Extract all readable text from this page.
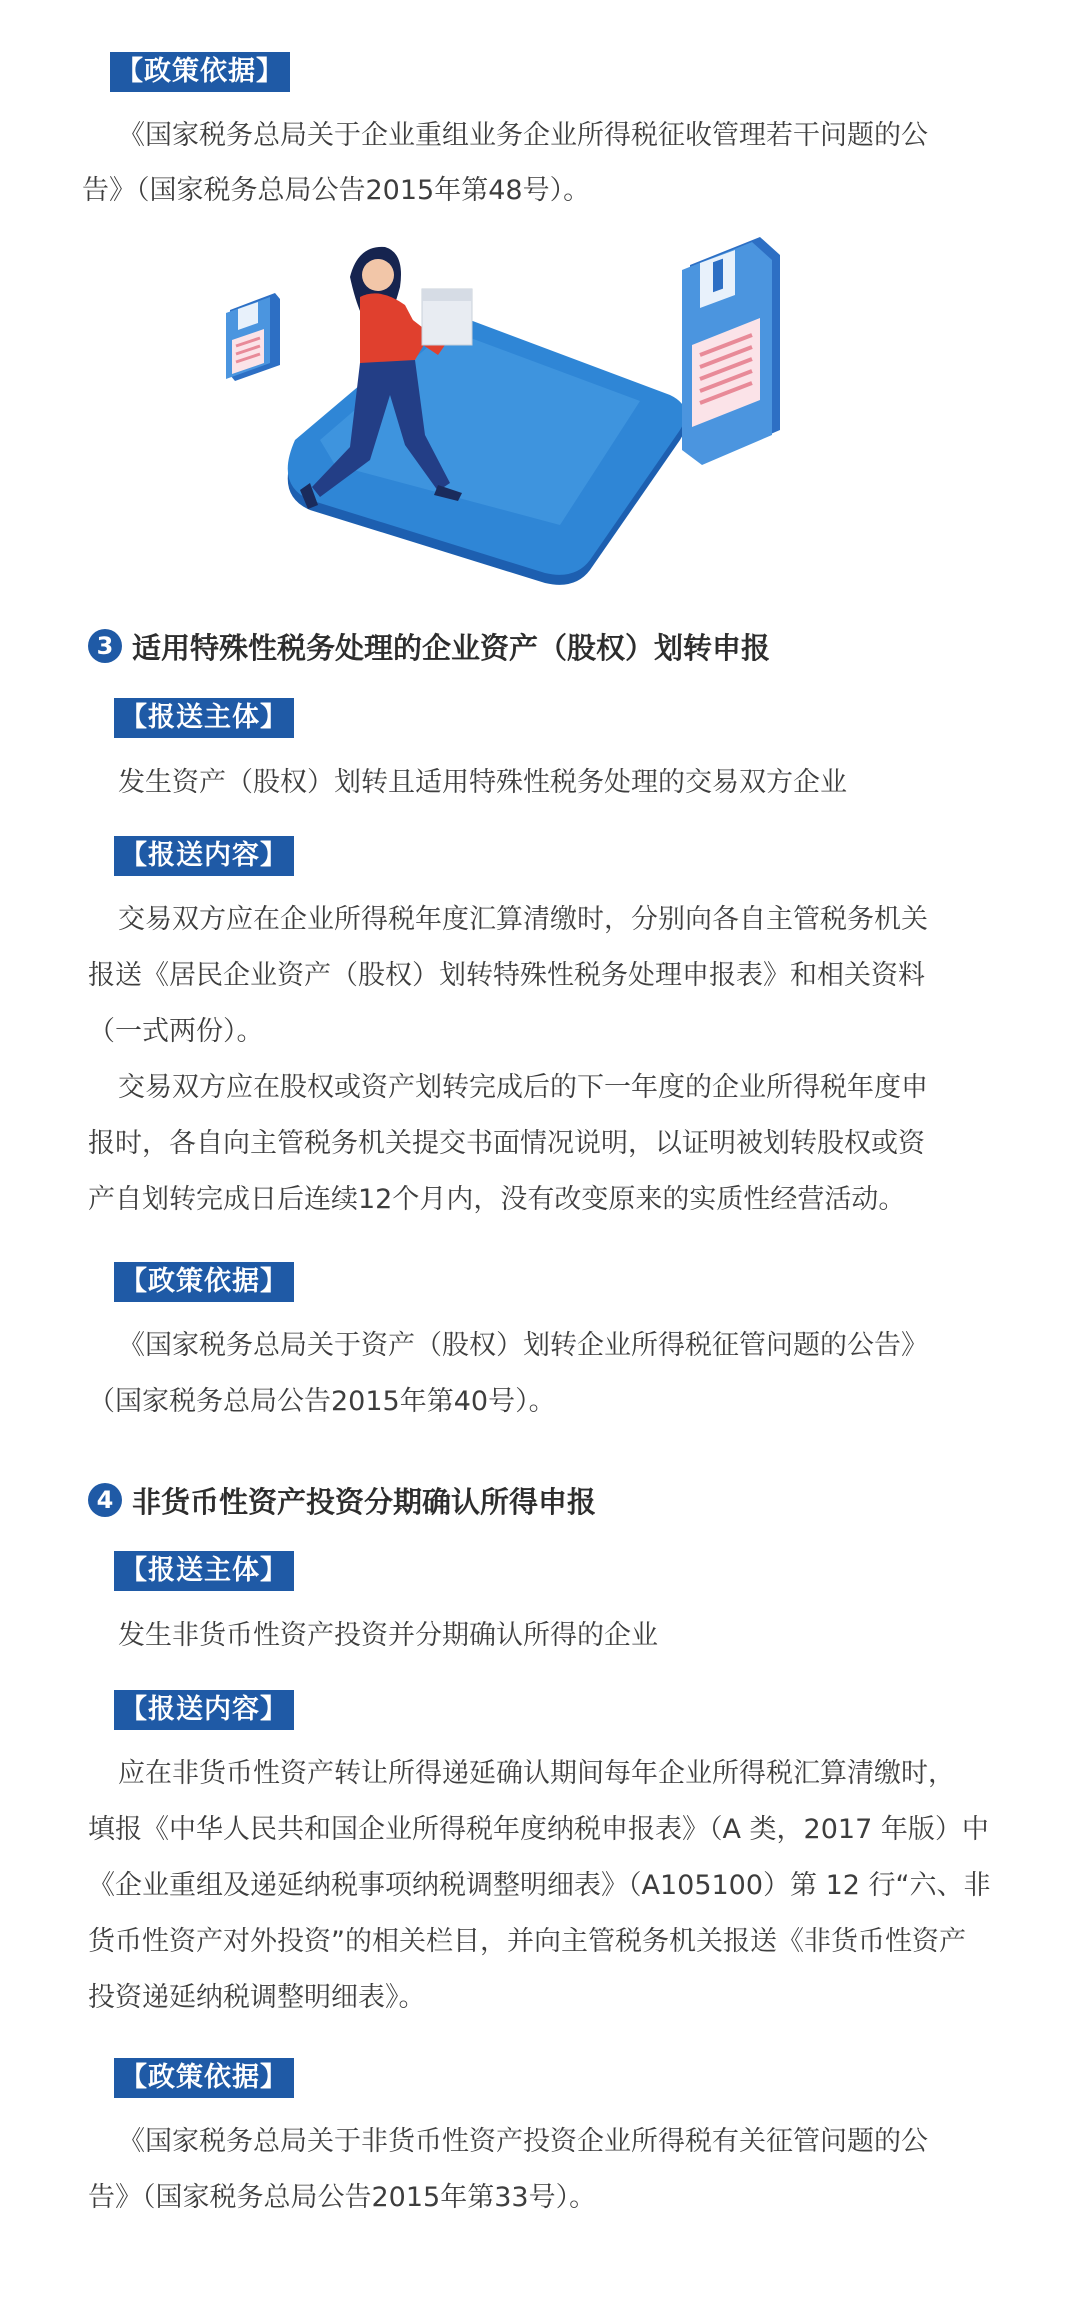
【政策依据】
《国家税务总局关于企业重组业务企业所得税征收管理若干问题的公
告》（国家税务总局公告2015年第48号）。
3 适用特殊性税务处理的企业资产（股权）划转申报
【报送主体】
发生资产（股权）划转且适用特殊性税务处理的交易双方企业
【报送内容】
交易双方应在企业所得税年度汇算清缴时，分别向各自主管税务机关
报送《居民企业资产（股权）划转特殊性税务处理申报表》和相关资料
（一式两份）。
交易双方应在股权或资产划转完成后的下一年度的企业所得税年度申
报时，各自向主管税务机关提交书面情况说明，以证明被划转股权或资
产自划转完成日后连续12个月内，没有改变原来的实质性经营活动。
【政策依据】
《国家税务总局关于资产（股权）划转企业所得税征管问题的公告》
（国家税务总局公告2015年第40号）。
4 非货币性资产投资分期确认所得申报
【报送主体】
发生非货币性资产投资并分期确认所得的企业
【报送内容】
应在非货币性资产转让所得递延确认期间每年企业所得税汇算清缴时，
填报《中华人民共和国企业所得税年度纳税申报表》（A 类，2017 年版）中
《企业重组及递延纳税事项纳税调整明细表》（A105100）第 12 行“六、非
货币性资产对外投资”的相关栏目，并向主管税务机关报送《非货币性资产
投资递延纳税调整明细表》。
【政策依据】
《国家税务总局关于非货币性资产投资企业所得税有关征管问题的公
告》（国家税务总局公告2015年第33号）。
